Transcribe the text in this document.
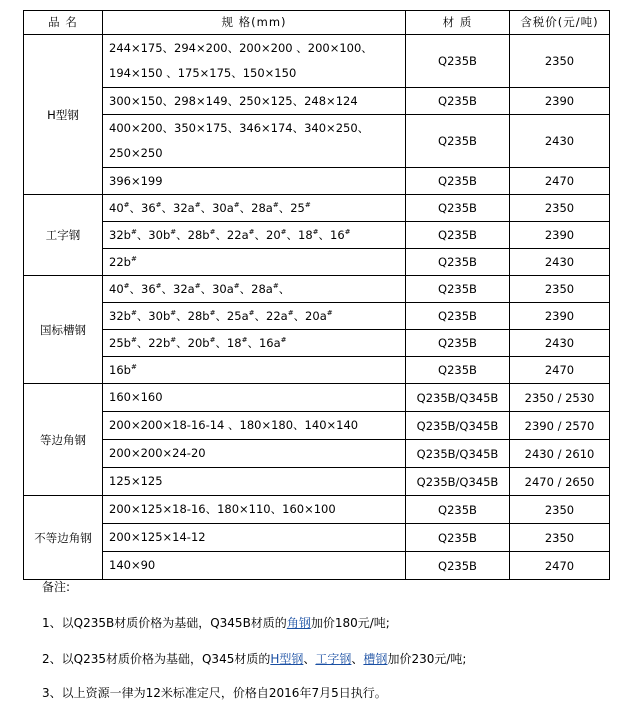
品 名	规 格(mm)	材 质	含税价(元/吨)
H型钢	244×175、294×200、200×200 、200×100、
194×150 、175×175、150×150	Q235B	2350

	300×150、298×149、250×125、248×124	Q235B	2390

	400×200、350×175、346×174、340×250、
250×250	Q235B	2430

	396×199	Q235B	2470
工字钢	40#、36#、32a#、30a#、28a#、25#	Q235B	2350

	32b#、30b#、28b#、22a#、20#、18#、16#	Q235B	2390

	22b#	Q235B	2430
国标槽钢	40#、36#、32a#、30a#、28a#、	Q235B	2350

	32b#、30b#、28b#、25a#、22a#、20a#	Q235B	2390

	25b#、22b#、20b#、18#、16a#	Q235B	2430

	16b#	Q235B	2470
等边角钢	160×160	Q235B/Q345B	2350 / 2530

	200×200×18-16-14 、180×180、140×140	Q235B/Q345B	2390 / 2570

	200×200×24-20	Q235B/Q345B	2430 / 2610

	125×125	Q235B/Q345B	2470 / 2650
不等边角钢	200×125×18-16、180×110、160×100	Q235B	2350

	200×125×14-12	Q235B	2350

	140×90	Q235B	2470
备注:
1、以Q235B材质价格为基础，Q345B材质的角钢加价180元/吨;
2、以Q235材质价格为基础，Q345材质的H型钢、工字钢、槽钢加价230元/吨;
3、以上资源一律为12米标准定尺，价格自2016年7月5日执行。
